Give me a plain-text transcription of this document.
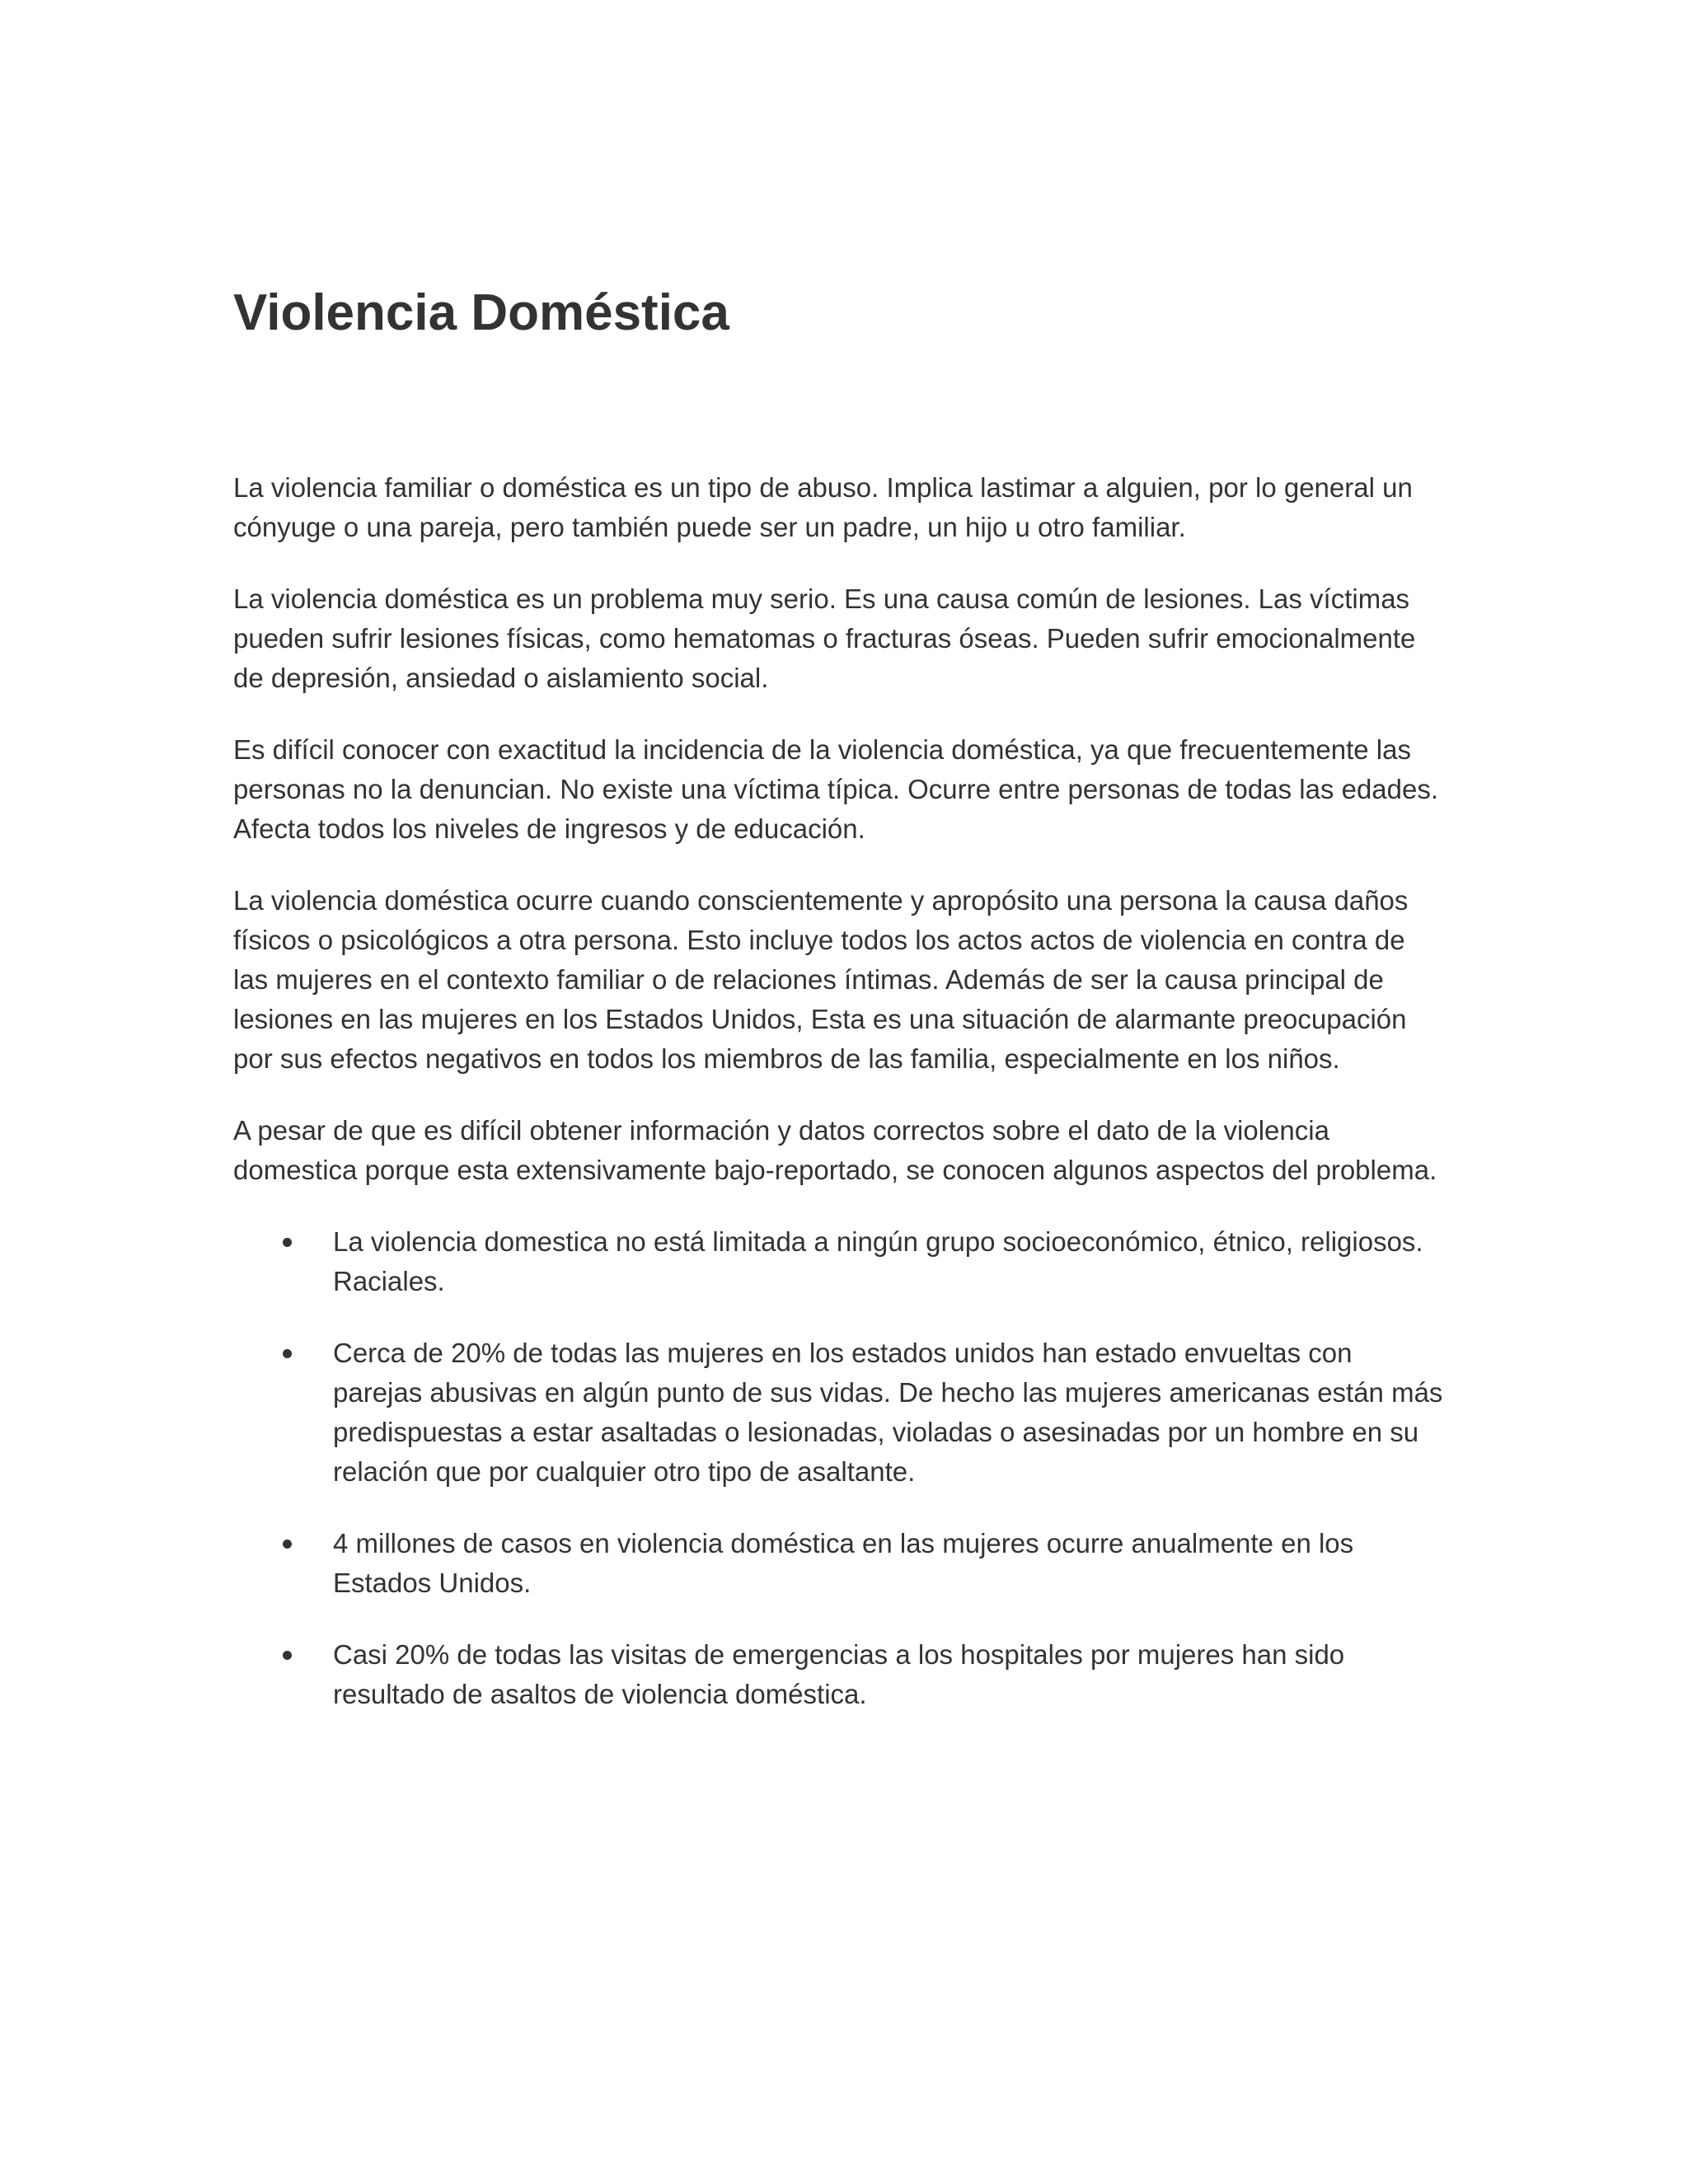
Violencia Doméstica

La violencia familiar o doméstica es un tipo de abuso. Implica lastimar a alguien, por lo general un cónyuge o una pareja, pero también puede ser un padre, un hijo u otro familiar.

La violencia doméstica es un problema muy serio. Es una causa común de lesiones. Las víctimas pueden sufrir lesiones físicas, como hematomas o fracturas óseas. Pueden sufrir emocionalmente de depresión, ansiedad o aislamiento social.

Es difícil conocer con exactitud la incidencia de la violencia doméstica, ya que frecuentemente las personas no la denuncian. No existe una víctima típica. Ocurre entre personas de todas las edades. Afecta todos los niveles de ingresos y de educación.

La violencia doméstica ocurre cuando conscientemente y apropósito una persona la causa daños físicos o psicológicos a otra persona. Esto incluye todos los actos actos de violencia en contra de las mujeres en el contexto familiar o de relaciones íntimas. Además de ser la causa principal de lesiones en las mujeres en los Estados Unidos, Esta es una situación de alarmante preocupación por sus efectos negativos en todos los miembros de las familia, especialmente en los niños.

A pesar de que es difícil obtener información y datos correctos sobre el dato de la violencia domestica porque esta extensivamente bajo-reportado, se conocen algunos aspectos del problema.

La violencia domestica no está limitada a ningún grupo socioeconómico, étnico, religiosos. Raciales.
Cerca de 20% de todas las mujeres en los estados unidos han estado envueltas con parejas abusivas en algún punto de sus vidas. De hecho las mujeres americanas están más predispuestas a estar asaltadas o lesionadas, violadas o asesinadas por un hombre en su relación que por cualquier otro tipo de asaltante.
4 millones de casos en violencia doméstica en las mujeres ocurre anualmente en los Estados Unidos.
Casi 20% de todas las visitas de emergencias a los hospitales por mujeres han sido resultado de asaltos de violencia doméstica.
